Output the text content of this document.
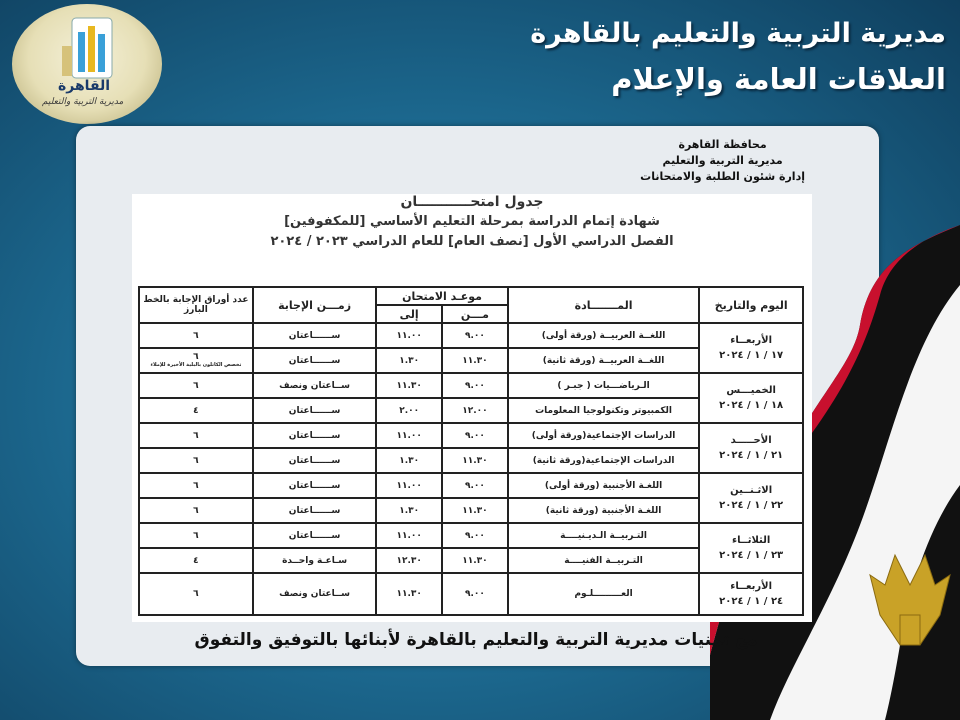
القاهرة
مديرية التربية والتعليم
مديرية التربية والتعليم بالقاهرة
العلاقات العامة والإعلام
محافظة القاهرة
مديرية التربية والتعليم
إدارة شئون الطلبة والامتحانات
جدول امتحـــــــــــان
شهادة إتمام الدراسة بمرحلة التعليم الأساسي [للمكفوفين]
الفصل الدراسي الأول [نصف العام] للعام الدراسي ٢٠٢٣ / ٢٠٢٤
اليوم والتاريخ	المـــــــادة	موعـد الامتحان		زمـــن الإجابة	عدد أوراق الإجابة بالخط البارز
		مـــن	إلى		

الأربعــاء
١٧ / ١ / ٢٠٢٤	اللغــة العربيــة (ورقة أولى)	٩.٠٠	١١.٠٠	ســــــاعتان	٦

	اللغــة العربيــة (ورقة ثانية)	١١.٣٠	١.٣٠	ســــــاعتان	٦
تخصص الكاتلون بالبلية الأخيرة للإملاء

الخميـــس
١٨ / ١ / ٢٠٢٤	الـرياضـــيات ( جبـر )	٩.٠٠	١١.٣٠	ســاعتان ونصف	٦

	الكمبيوتر وتكنولوجيا المعلومات	١٢.٠٠	٢.٠٠	ســــــاعتان	٤

الأحـــــد
٢١ / ١ / ٢٠٢٤	الدراسات الإجتماعية(ورقة أولى)	٩.٠٠	١١.٠٠	ســــــاعتان	٦

	الدراسات الإجتماعية(ورقة ثانية)	١١.٣٠	١.٣٠	ســــــاعتان	٦

الاثـنــين
٢٢ / ١ / ٢٠٢٤	اللغـة الأجنبية (ورقة أولى)	٩.٠٠	١١.٠٠	ســــــاعتان	٦

	اللغـة الأجنبية (ورقة ثانية)	١١.٣٠	١.٣٠	ســــــاعتان	٦

الثلاثــاء
٢٣ / ١ / ٢٠٢٤	التـربيــة الـديـنيــــة	٩.٠٠	١١.٠٠	ســــــاعتان	٦

	التـربيــة الفنيــــة	١١.٣٠	١٢.٣٠	سـاعـة واحــدة	٤

الأربعــاء
٢٤ / ١ / ٢٠٢٤	العـــــــــلـوم	٩.٠٠	١١.٣٠	ســاعتان ونصف	٦
مع تمنيات مديرية التربية والتعليم بالقاهرة لأبنائها بالتوفيق والتفوق
